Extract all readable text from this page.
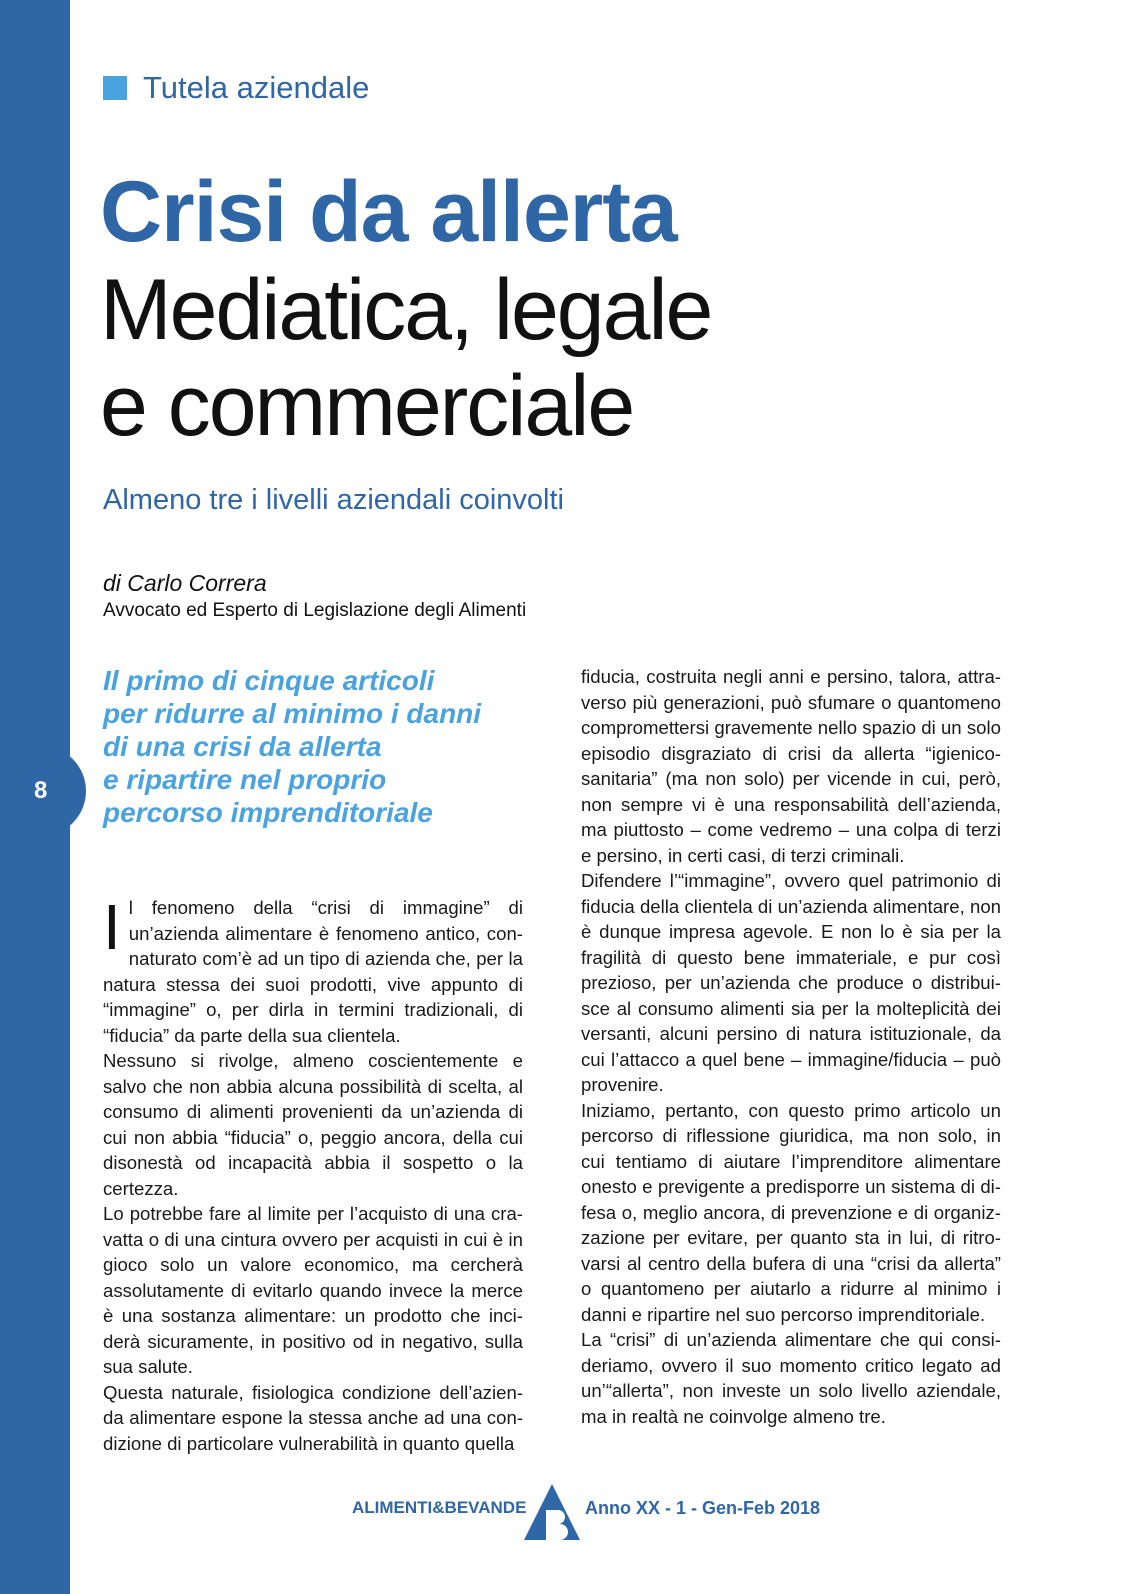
8
Tutela aziendale
Crisi da allerta
Mediatica, legale
e commerciale
Almeno tre i livelli aziendali coinvolti
di Carlo Correra
Avvocato ed Esperto di Legislazione degli Alimenti
Il primo di cinque articoli
per ridurre al minimo i danni
di una crisi da allerta
e ripartire nel proprio
percorso imprenditoriale

Il fenomeno della “crisi di immagine” di un’azienda alimentare è fenomeno antico, connaturato com’è ad un tipo di azienda che, per la natura stessa dei suoi prodotti, vive appunto di “immagine” o, per dirla in termini tradizionali, di “fiducia” da parte della sua clientela.

Nessuno si rivolge, almeno coscientemente e salvo che non abbia alcuna possibilità di scelta, al consumo di alimenti provenienti da un’azienda di cui non abbia “fiducia” o, peggio ancora, della cui disonestà od incapacità abbia il sospetto o la certezza.

Lo potrebbe fare al limite per l’acquisto di una cravatta o di una cintura ovvero per acquisti in cui è in gioco solo un valore economico, ma cercherà assolutamente di evitarlo quando invece la merce è una sostanza alimentare: un prodotto che inciderà sicuramente, in positivo od in negativo, sulla sua salute.

Questa naturale, fisiologica condizione dell’azienda alimentare espone la stessa anche ad una condizione di particolare vulnerabilità in quanto quella

fiducia, costruita negli anni e persino, talora, attraverso più generazioni, può sfumare o quantomeno compromettersi gravemente nello spazio di un solo episodio disgraziato di crisi da allerta “igienico-sanitaria” (ma non solo) per vicende in cui, però, non sempre vi è una responsabilità dell’azienda, ma piuttosto – come vedremo – una colpa di terzi e persino, in certi casi, di terzi criminali.

Difendere l’“immagine”, ovvero quel patrimonio di fiducia della clientela di un’azienda alimentare, non è dunque impresa agevole. E non lo è sia per la fragilità di questo bene immateriale, e pur così prezioso, per un’azienda che produce o distribuisce al consumo alimenti sia per la molteplicità dei versanti, alcuni persino di natura istituzionale, da cui l’attacco a quel bene – immagine/fiducia – può provenire.

Iniziamo, pertanto, con questo primo articolo un percorso di riflessione giuridica, ma non solo, in cui tentiamo di aiutare l’imprenditore alimentare onesto e previgente a predisporre un sistema di difesa o, meglio ancora, di prevenzione e di organizzazione per evitare, per quanto sta in lui, di ritrovarsi al centro della bufera di una “crisi da allerta” o quantomeno per aiutarlo a ridurre al minimo i danni e ripartire nel suo percorso imprenditoriale.

La “crisi” di un’azienda alimentare che qui consideriamo, ovvero il suo momento critico legato ad un’“allerta”, non investe un solo livello aziendale, ma in realtà ne coinvolge almeno tre.

ALIMENTI&BEVANDE	Anno XX - 1 - Gen-Feb 2018
